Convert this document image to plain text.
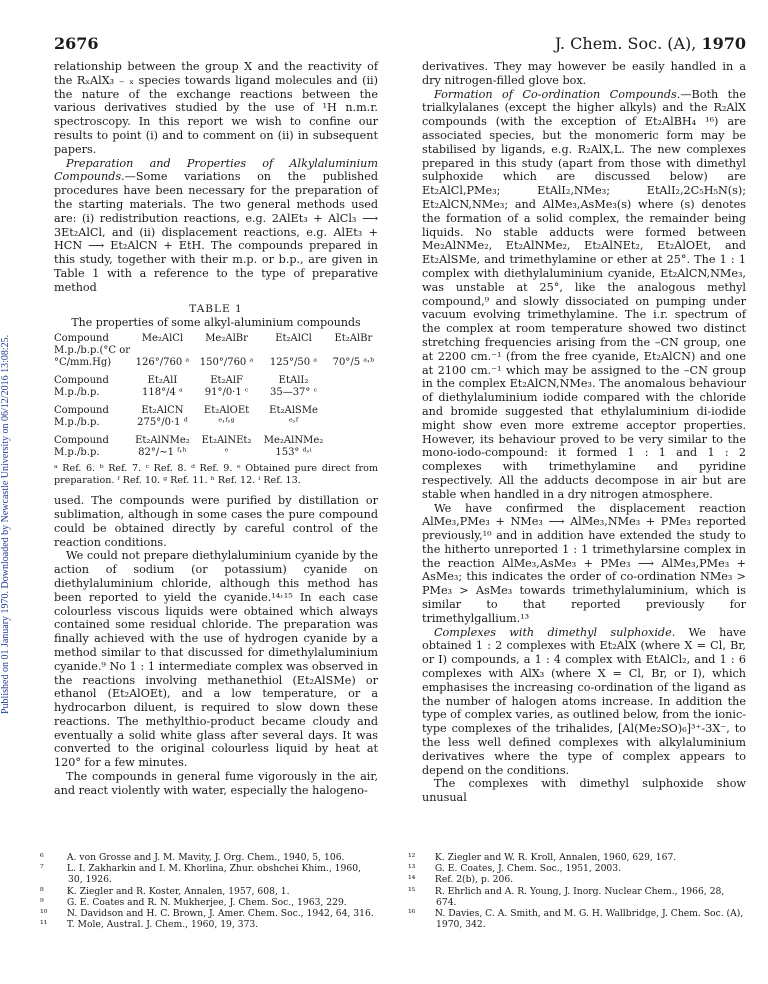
2676	J. Chem. Soc. (A), 1970
Published on 01 January 1970. Downloaded by Newcastle University on 06/12/2016 13:08:25.

relationship between the group X and the reactivity of the RₓAlX₃ ₋ ₓ species towards ligand molecules and (ii) the nature of the exchange reactions between the various derivatives studied by the use of ¹H n.m.r. spectroscopy. In this report we wish to confine our results to point (i) and to comment on (ii) in subsequent papers.

Preparation and Properties of Alkylaluminium Compounds.—Some variations on the published procedures have been necessary for the preparation of the starting materials. The two general methods used are: (i) redistribution reactions, e.g. 2AlEt₃ + AlCl₃ ⟶ 3Et₂AlCl, and (ii) displacement reactions, e.g. AlEt₃ + HCN ⟶ Et₂AlCN + EtH. The compounds prepared in this study, together with their m.p. or b.p., are given in Table 1 with a reference to the type of preparative method

TABLE 1
The properties of some alkyl-aluminium compounds
Compound	Me₂AlCl	Me₂AlBr	Et₂AlCl	Et₂AlBr
M.p./b.p.(°C or				
°C/mm.Hg)	126°/760 ᵃ	150°/760 ᵃ	125°/50 ᵃ	70°/5 ᵃ˒ᵇ

Compound	Et₂AlI	Et₂AlF	EtAlI₂	
M.p./b.p.	118°/4 ᵃ	91°/0·1 ᶜ	35—37° ᶜ	

Compound	Et₂AlCN	Et₂AlOEt	Et₂AlSMe	
M.p./b.p.	275°/0·1 ᵈ	ᵉ˒ᶠ˒ᵍ	ᵉ˒ᶠ	

Compound	Et₂AlNMe₂	Et₂AlNEt₂	Me₂AlNMe₂	
M.p./b.p.	82°/∼1 ᶠ˒ʰ	ᵉ	153° ᵈ˒ⁱ	
ᵃ Ref. 6. ᵇ Ref. 7. ᶜ Ref. 8. ᵈ Ref. 9. ᵉ Obtained pure direct from preparation. ᶠ Ref. 10. ᵍ Ref. 11. ʰ Ref. 12. ⁱ Ref. 13.

used. The compounds were purified by distillation or sublimation, although in some cases the pure compound could be obtained directly by careful control of the reaction conditions.

We could not prepare diethylaluminium cyanide by the action of sodium (or potassium) cyanide on diethylaluminium chloride, although this method has been reported to yield the cyanide.¹⁴˒¹⁵ In each case colourless viscous liquids were obtained which always contained some residual chloride. The preparation was finally achieved with the use of hydrogen cyanide by a method similar to that discussed for dimethylaluminium cyanide.⁹ No 1 : 1 intermediate complex was observed in the reactions involving methanethiol (Et₂AlSMe) or ethanol (Et₂AlOEt), and a low temperature, or a hydrocarbon diluent, is required to slow down these reactions. The methylthio-product became cloudy and eventually a solid white glass after several days. It was converted to the original colourless liquid by heat at 120° for a few minutes.

The compounds in general fume vigorously in the air, and react violently with water, especially the halogeno-

derivatives. They may however be easily handled in a dry nitrogen-filled glove box.

Formation of Co-ordination Compounds.—Both the trialkylalanes (except the higher alkyls) and the R₂AlX compounds (with the exception of Et₂AlBH₄ ¹⁶) are associated species, but the monomeric form may be stabilised by ligands, e.g. R₂AlX,L. The new complexes prepared in this study (apart from those with dimethyl sulphoxide which are discussed below) are Et₂AlCl,PMe₃; EtAlI₂,NMe₃; EtAlI₂,2C₅H₅N(s); Et₂AlCN,NMe₃; and AlMe₃,AsMe₃(s) where (s) denotes the formation of a solid complex, the remainder being liquids. No stable adducts were formed between Me₂AlNMe₂, Et₂AlNMe₂, Et₂AlNEt₂, Et₂AlOEt, and Et₂AlSMe, and trimethylamine or ether at 25°. The 1 : 1 complex with diethylaluminium cyanide, Et₂AlCN,NMe₃, was unstable at 25°, like the analogous methyl compound,⁹ and slowly dissociated on pumping under vacuum evolving trimethylamine. The i.r. spectrum of the complex at room temperature showed two distinct stretching frequencies arising from the –CN group, one at 2200 cm.⁻¹ (from the free cyanide, Et₂AlCN) and one at 2100 cm.⁻¹ which may be assigned to the –CN group in the complex Et₂AlCN,NMe₃. The anomalous behaviour of diethylaluminium iodide compared with the chloride and bromide suggested that ethylaluminium di-iodide might show even more extreme acceptor properties. However, its behaviour proved to be very similar to the mono-iodo-compound: it formed 1 : 1 and 1 : 2 complexes with trimethylamine and pyridine respectively. All the adducts decompose in air but are stable when handled in a dry nitrogen atmosphere.

We have confirmed the displacement reaction AlMe₃,PMe₃ + NMe₃ ⟶ AlMe₃,NMe₃ + PMe₃ reported previously,¹⁰ and in addition have extended the study to the hitherto unreported 1 : 1 trimethylarsine complex in the reaction AlMe₃,AsMe₃ + PMe₃ ⟶ AlMe₃,PMe₃ + AsMe₃; this indicates the order of co-ordination NMe₃ > PMe₃ > AsMe₃ towards trimethylaluminium, which is similar to that reported previously for trimethylgallium.¹³

Complexes with dimethyl sulphoxide. We have obtained 1 : 2 complexes with Et₂AlX (where X = Cl, Br, or I) compounds, a 1 : 4 complex with EtAlCl₂, and 1 : 6 complexes with AlX₃ (where X = Cl, Br, or I), which emphasises the increasing co-ordination of the ligand as the number of halogen atoms increase. In addition the type of complex varies, as outlined below, from the ionic-type complexes of the trihalides, [Al(Me₂SO)₆]³⁺-3X⁻, to the less well defined complexes with alkylaluminium derivatives where the type of complex appears to depend on the conditions.

The complexes with dimethyl sulphoxide show unusual

⁶	A. von Grosse and J. M. Mavity, J. Org. Chem., 1940, 5, 106.
⁷	L. I. Zakharkin and I. M. Khorlina, Zhur. obshchei Khim., 1960, 30, 1926.
⁸	K. Ziegler and R. Koster, Annalen, 1957, 608, 1.
⁹	G. E. Coates and R. N. Mukherjee, J. Chem. Soc., 1963, 229.
¹⁰ N. Davidson and H. C. Brown, J. Amer. Chem. Soc., 1942, 64, 316.
¹¹ T. Mole, Austral. J. Chem., 1960, 19, 373.
¹² K. Ziegler and W. R. Kroll, Annalen, 1960, 629, 167.
¹³ G. E. Coates, J. Chem. Soc., 1951, 2003.
¹⁴ Ref. 2(b), p. 206.
¹⁵ R. Ehrlich and A. R. Young, J. Inorg. Nuclear Chem., 1966, 28, 674.
¹⁶ N. Davies, C. A. Smith, and M. G. H. Wallbridge, J. Chem. Soc. (A), 1970, 342.
